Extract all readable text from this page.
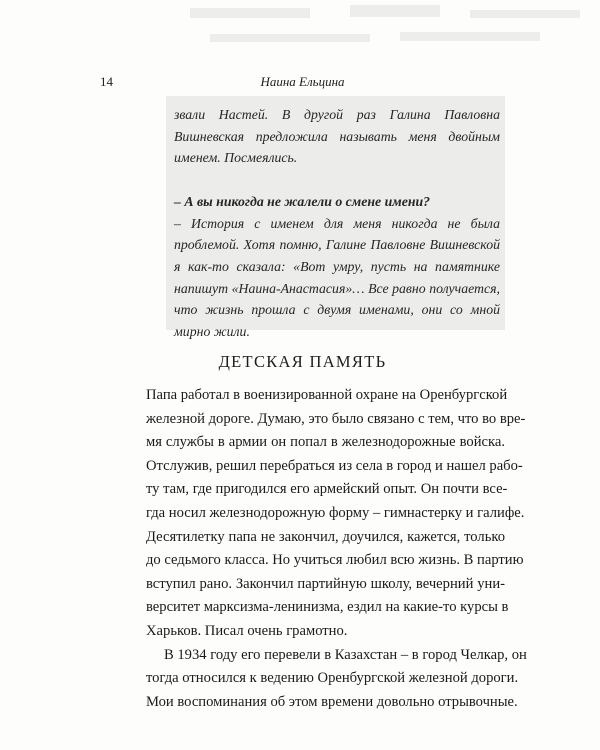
14	Наина Ельцина

звали Настей. В другой раз Галина Павловна Вишневская предложила называть меня двойным именем. Посмеялись.

– А вы никогда не жалели о смене имени?

– История с именем для меня никогда не была проблемой. Хотя помню, Галине Павловне Вишневской я как-то сказала: «Вот умру, пусть на памятнике напишут «Наина-Анастасия»… Все равно получается, что жизнь прошла с двумя именами, они со мной мирно жили.

ДЕТСКАЯ ПАМЯТЬ
Папа работал в военизированной охране на Оренбургской
железной дороге. Думаю, это было связано с тем, что во вре-
мя службы в армии он попал в железнодорожные войска.
Отслужив, решил перебраться из села в город и нашел рабо-
ту там, где пригодился его армейский опыт. Он почти все-
гда носил железнодорожную форму – гимнастерку и галифе.
Десятилетку папа не закончил, доучился, кажется, только
до седьмого класса. Но учиться любил всю жизнь. В партию
вступил рано. Закончил партийную школу, вечерний уни-
верситет марксизма-ленинизма, ездил на какие-то курсы в
Харьков. Писал очень грамотно.
В 1934 году его перевели в Казахстан – в город Челкар, он
тогда относился к ведению Оренбургской железной дороги.
Мои воспоминания об этом времени довольно отрывочные.
